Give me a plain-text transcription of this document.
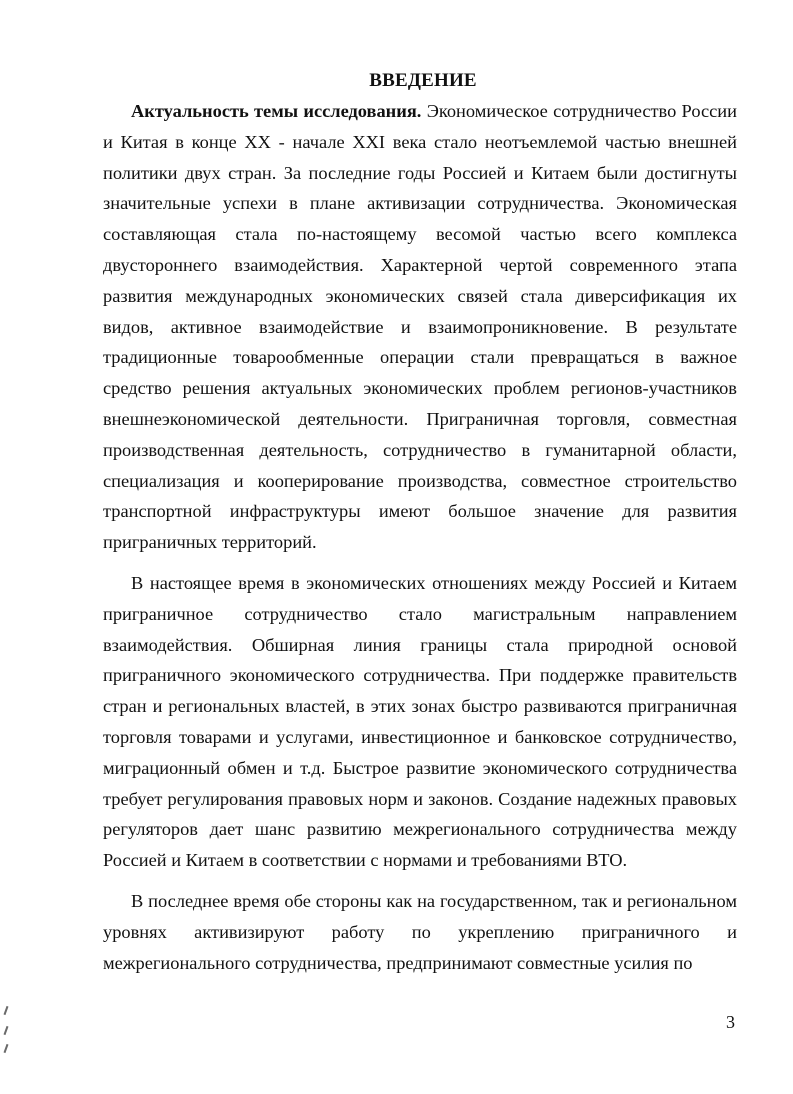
ВВЕДЕНИЕ

Актуальность темы исследования. Экономическое сотрудничество России и Китая в конце XX - начале XXI века стало неотъемлемой частью внешней политики двух стран. За последние годы Россией и Китаем были достигнуты значительные успехи в плане активизации сотрудничества. Экономическая составляющая стала по-настоящему весомой частью всего комплекса двустороннего взаимодействия. Характерной чертой современного этапа развития международных экономических связей стала диверсификация их видов, активное взаимодействие и взаимопроникновение. В результате традиционные товарообменные операции стали превращаться в важное средство решения актуальных экономических проблем регионов-участников внешнеэкономической деятельности. Приграничная торговля, совместная производственная деятельность, сотрудничество в гуманитарной области, специализация и кооперирование производства, совместное строительство транспортной инфраструктуры имеют большое значение для развития приграничных территорий.

В настоящее время в экономических отношениях между Россией и Китаем приграничное сотрудничество стало магистральным направлением взаимодействия. Обширная линия границы стала природной основой приграничного экономического сотрудничества. При поддержке правительств стран и региональных властей, в этих зонах быстро развиваются приграничная торговля товарами и услугами, инвестиционное и банковское сотрудничество, миграционный обмен и т.д. Быстрое развитие экономического сотрудничества требует регулирования правовых норм и законов. Создание надежных правовых регуляторов дает шанс развитию межрегионального сотрудничества между Россией и Китаем в соответствии с нормами и требованиями ВТО.

В последнее время обе стороны как на государственном, так и региональном уровнях активизируют работу по укреплению приграничного и межрегионального сотрудничества, предпринимают совместные усилия по

3
